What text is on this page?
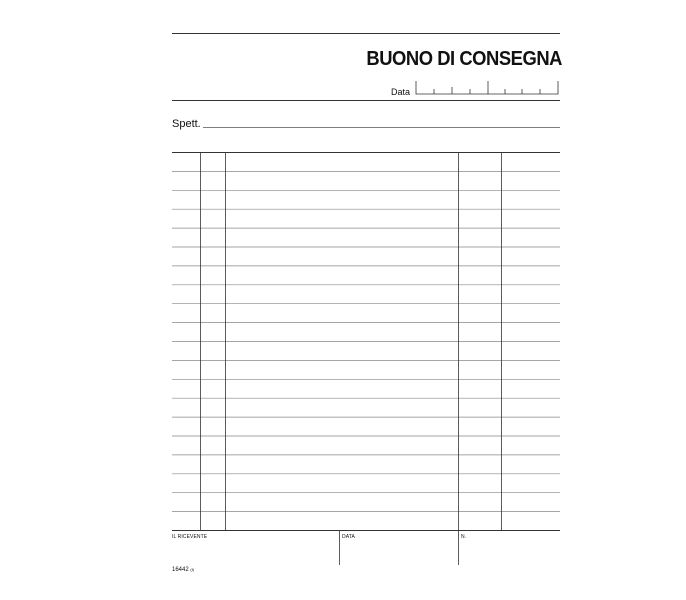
BUONO DI CONSEGNA
Data
Spett.
IL RICEVENTE	DATA	N.
16442 (f)
